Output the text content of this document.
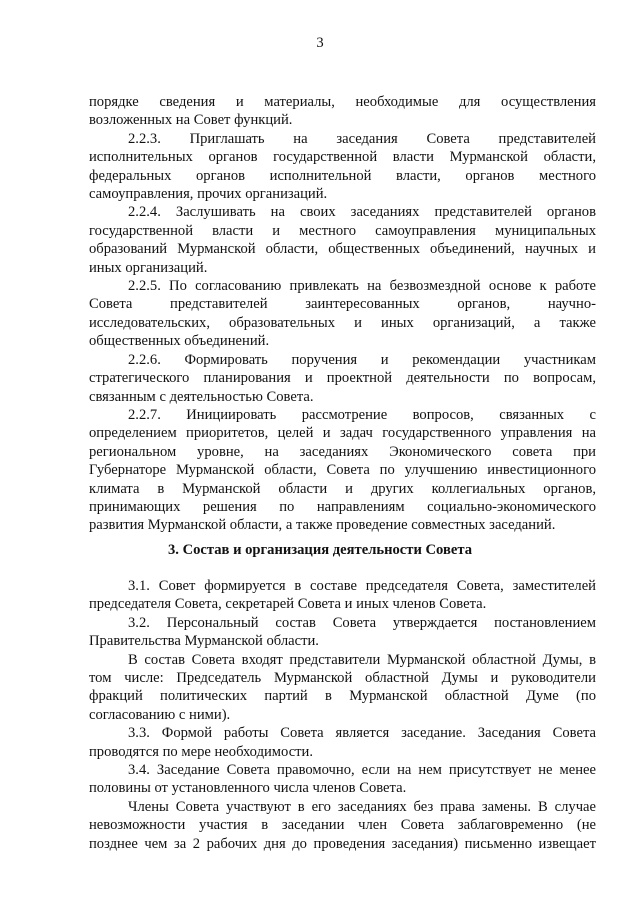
3
порядке сведения и материалы, необходимые для осуществления
возложенных на Совет функций.
2.2.3. Приглашать на заседания Совета представителей
исполнительных органов государственной власти Мурманской области,
федеральных органов исполнительной власти, органов местного
самоуправления, прочих организаций.
2.2.4. Заслушивать на своих заседаниях представителей органов
государственной власти и местного самоуправления муниципальных
образований Мурманской области, общественных объединений, научных и
иных организаций.
2.2.5. По согласованию привлекать на безвозмездной основе к работе
Совета представителей заинтересованных органов, научно-
исследовательских, образовательных и иных организаций, а также
общественных объединений.
2.2.6. Формировать поручения и рекомендации участникам
стратегического планирования и проектной деятельности по вопросам,
связанным с деятельностью Совета.
2.2.7. Инициировать рассмотрение вопросов, связанных с
определением приоритетов, целей и задач государственного управления на
региональном уровне, на заседаниях Экономического совета при
Губернаторе Мурманской области, Совета по улучшению инвестиционного
климата в Мурманской области и других коллегиальных органов,
принимающих решения по направлениям социально-экономического
развития Мурманской области, а также проведение совместных заседаний.
3. Состав и организация деятельности Совета
3.1. Совет формируется в составе председателя Совета, заместителей
председателя Совета, секретарей Совета и иных членов Совета.
3.2. Персональный состав Совета утверждается постановлением
Правительства Мурманской области.
В состав Совета входят представители Мурманской областной Думы, в
том числе: Председатель Мурманской областной Думы и руководители
фракций политических партий в Мурманской областной Думе (по
согласованию с ними).
3.3. Формой работы Совета является заседание. Заседания Совета
проводятся по мере необходимости.
3.4. Заседание Совета правомочно, если на нем присутствует не менее
половины от установленного числа членов Совета.
Члены Совета участвуют в его заседаниях без права замены. В случае
невозможности участия в заседании член Совета заблаговременно (не
позднее чем за 2 рабочих дня до проведения заседания) письменно извещает
